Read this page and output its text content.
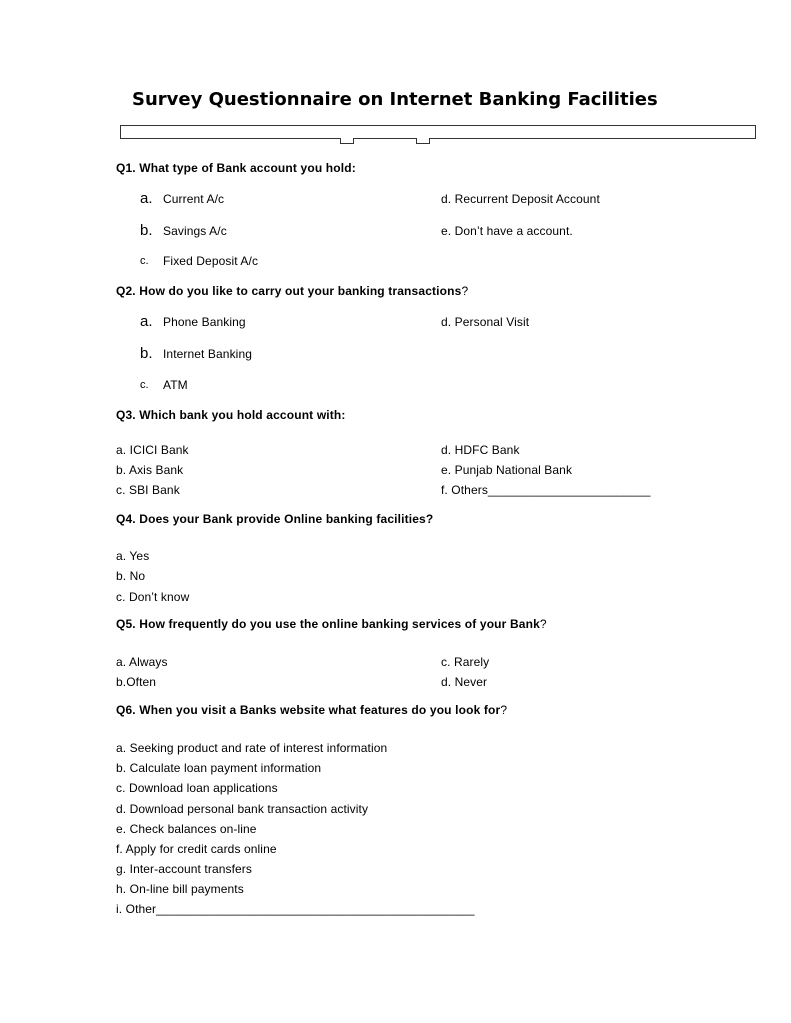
Survey Questionnaire on Internet Banking Facilities
Q1. What type of Bank account you hold:
a. Current A/c
b. Savings A/c
c. Fixed Deposit A/c
d. Recurrent Deposit Account
e. Don’t have a account.
Q2. How do you like to carry out your banking transactions?
a. Phone Banking
b. Internet Banking
c. ATM
d. Personal Visit
Q3. Which bank you hold account with:
a. ICICI Bank
b. Axis Bank
c. SBI Bank
d. HDFC Bank
e. Punjab National Bank
f. Others________________________
Q4. Does your Bank provide Online banking facilities?
a. Yes
b. No
c. Don’t know
Q5. How frequently do you use the online banking services of your Bank?
a. Always
b.Often
c. Rarely
d. Never
Q6. When you visit a Banks website what features do you look for?
a. Seeking product and rate of interest information
b. Calculate loan payment information
c. Download loan applications
d. Download personal bank transaction activity
e. Check balances on-line
f. Apply for credit cards online
g. Inter-account transfers
h. On-line bill payments
i. Other_______________________________________________
